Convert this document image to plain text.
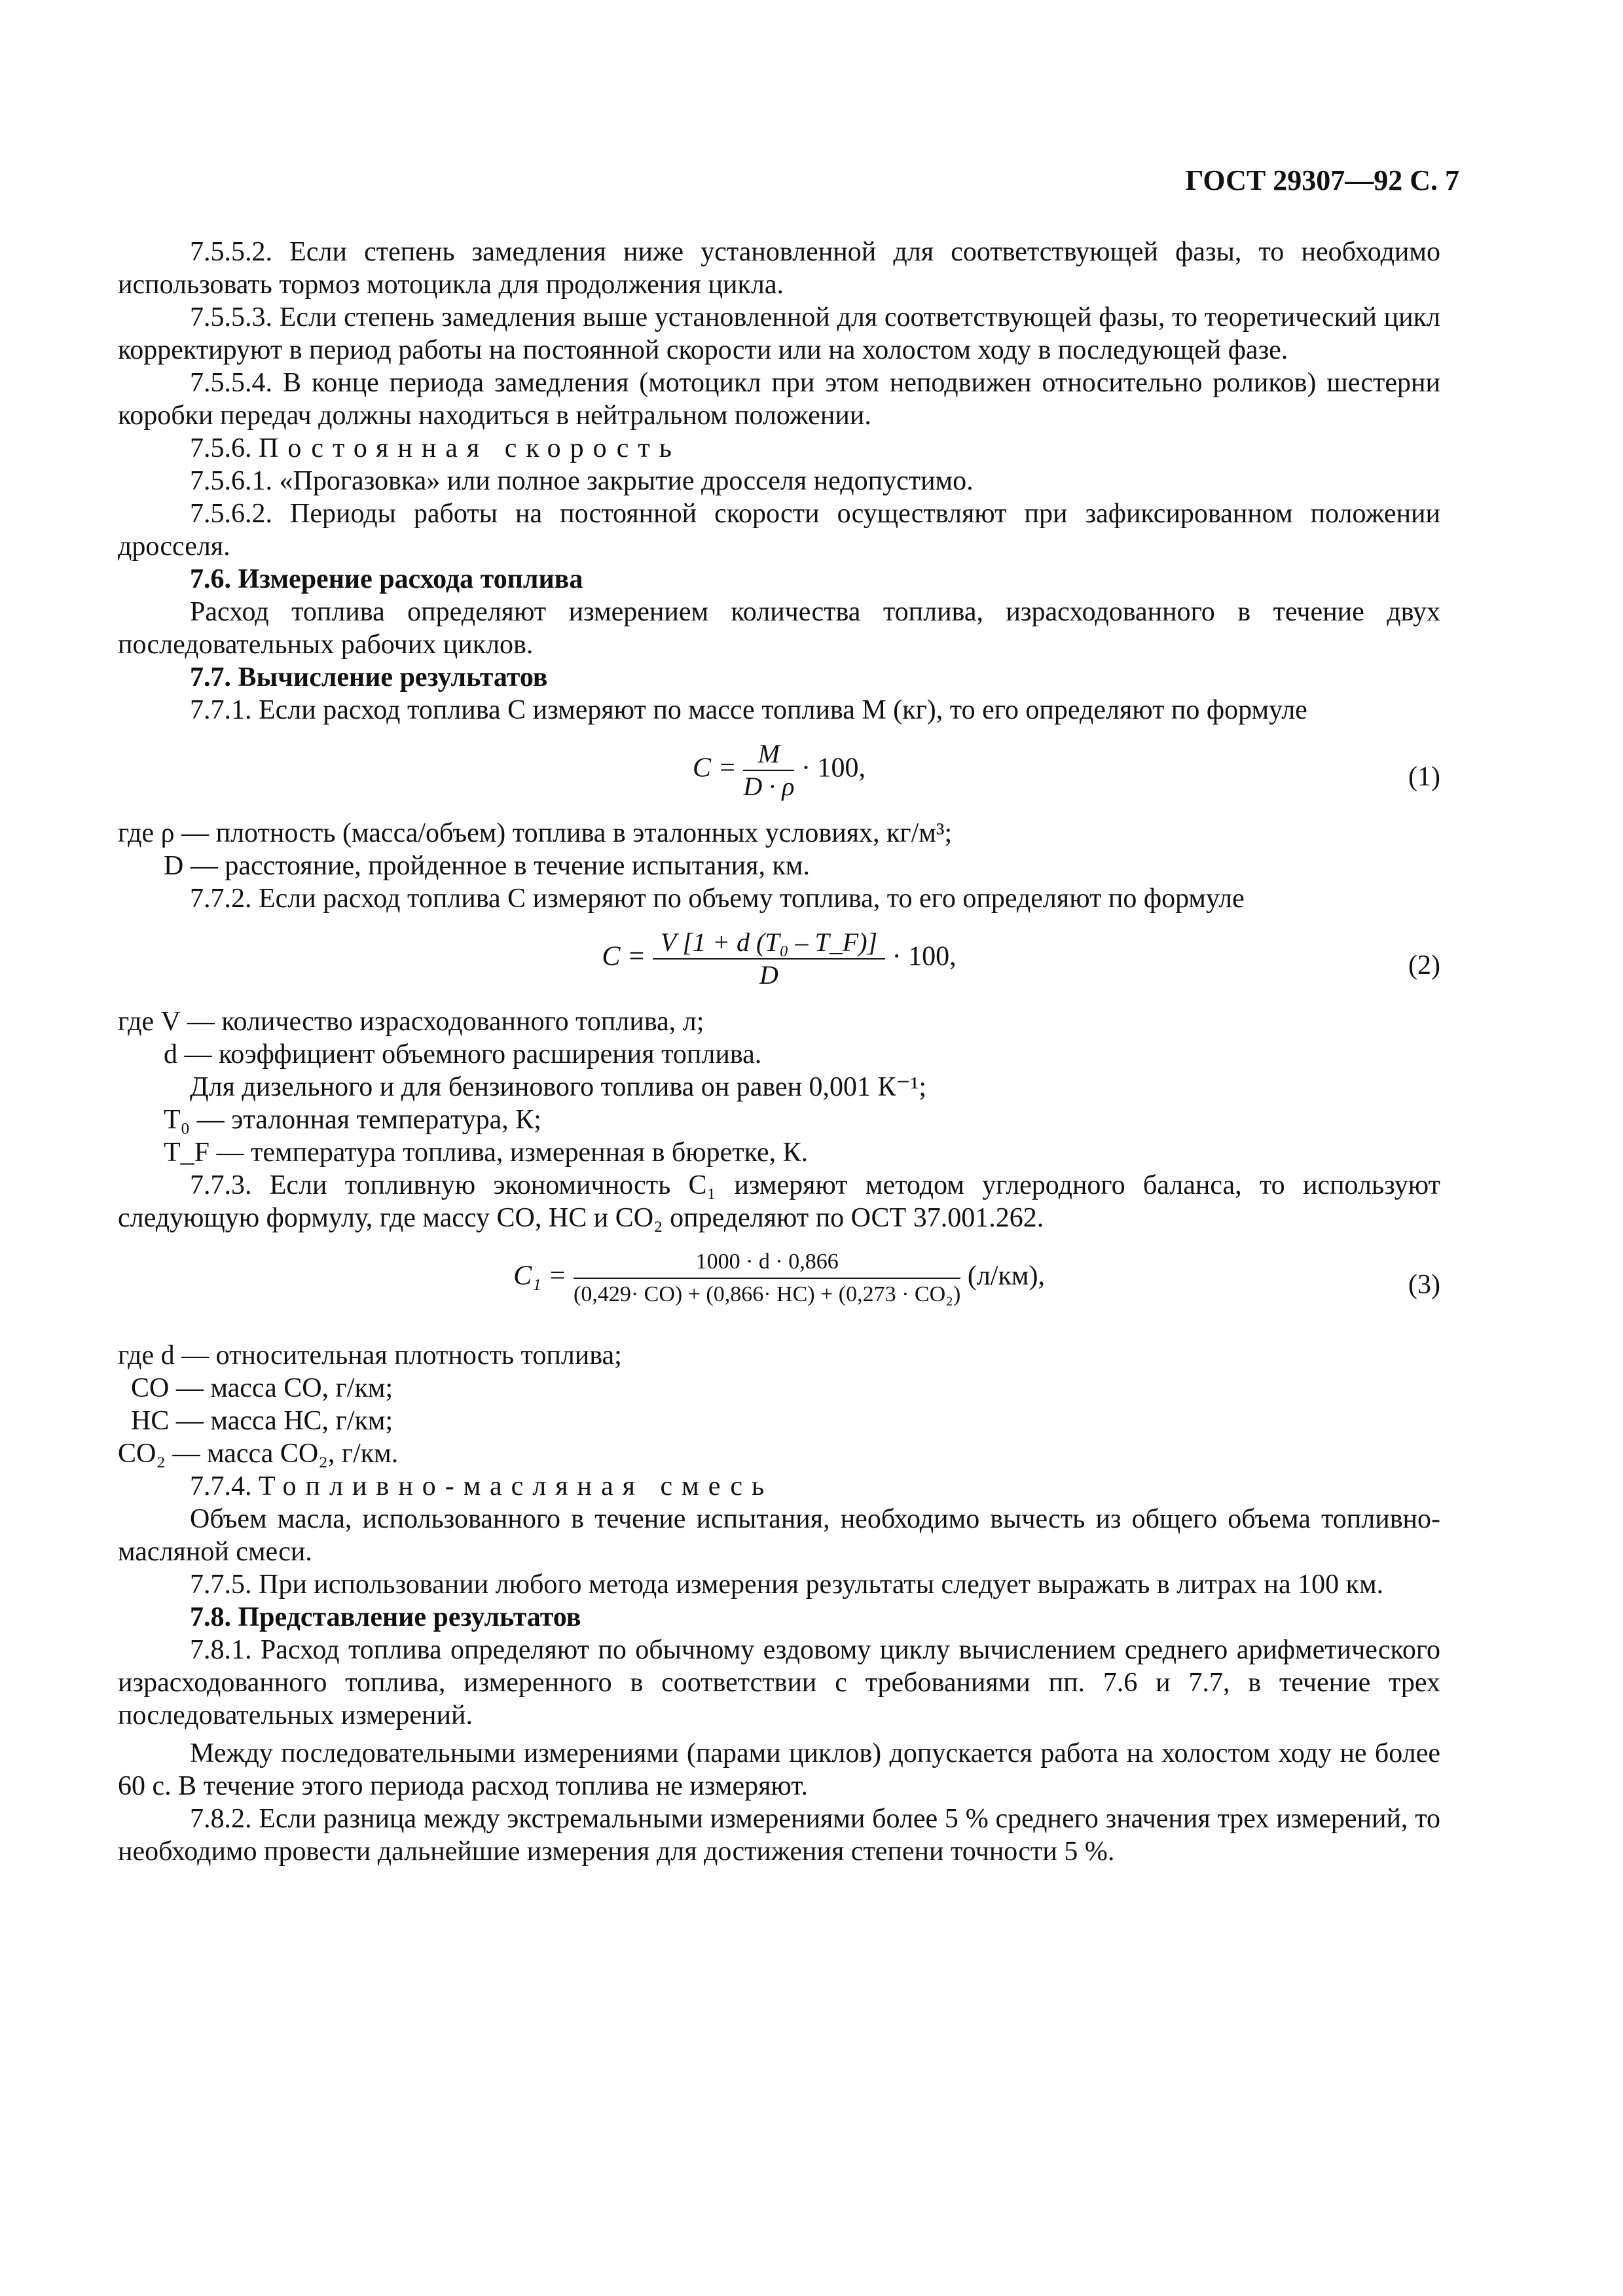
ГОСТ 29307—92 С. 7

7.5.5.2. Если степень замедления ниже установленной для соответствующей фазы, то необходимо использовать тормоз мотоцикла для продолжения цикла.

7.5.5.3. Если степень замедления выше установленной для соответствующей фазы, то теоретический цикл корректируют в период работы на постоянной скорости или на холостом ходу в последующей фазе.

7.5.5.4. В конце периода замедления (мотоцикл при этом неподвижен относительно роликов) шестерни коробки передач должны находиться в нейтральном положении.

7.5.6. Постоянная скорость

7.5.6.1. «Прогазовка» или полное закрытие дросселя недопустимо.

7.5.6.2. Периоды работы на постоянной скорости осуществляют при зафиксированном положении дросселя.

7.6. Измерение расхода топлива

Расход топлива определяют измерением количества топлива, израсходованного в течение двух последовательных рабочих циклов.

7.7. Вычисление результатов

7.7.1. Если расход топлива C измеряют по массе топлива M (кг), то его определяют по формуле

$C = \frac{M}{D \cdot \rho} \cdot 100$,	(1)

где ρ — плотность (масса/объем) топлива в эталонных условиях, кг/м³;

D — расстояние, пройденное в течение испытания, км.

7.7.2. Если расход топлива C измеряют по объему топлива, то его определяют по формуле

$C = \frac{\text{V [1 + d (T₀ – T\_F)]}}{D} \cdot 100$,	(2)

где V — количество израсходованного топлива, л;

d — коэффициент объемного расширения топлива.

Для дизельного и для бензинового топлива он равен 0,001 К⁻¹;

T₀ — эталонная температура, К;

T_F — температура топлива, измеренная в бюретке, К.

7.7.3. Если топливную экономичность C₁ измеряют методом углеродного баланса, то используют следующую формулу, где массу CO, HC и CO₂ определяют по ОСТ 37.001.262.

$C_1 = \frac{1000 \cdot d \cdot 0,866}{\text{(0,429· CO) + (0,866· HC) + (0,273 · CO₂)}} (л/км)$,	(3)

где d — относительная плотность топлива;

CO — масса CO, г/км;

HC — масса HC, г/км;

CO₂ — масса CO₂, г/км.

7.7.4. Топливно-масляная смесь

Объем масла, использованного в течение испытания, необходимо вычесть из общего объема топливно-масляной смеси.

7.7.5. При использовании любого метода измерения результаты следует выражать в литрах на 100 км.

7.8. Представление результатов

7.8.1. Расход топлива определяют по обычному ездовому циклу вычислением среднего арифметического израсходованного топлива, измеренного в соответствии с требованиями пп. 7.6 и 7.7, в течение трех последовательных измерений.

Между последовательными измерениями (парами циклов) допускается работа на холостом ходу не более 60 с. В течение этого периода расход топлива не измеряют.

7.8.2. Если разница между экстремальными измерениями более 5 % среднего значения трех измерений, то необходимо провести дальнейшие измерения для достижения степени точности 5 %.
